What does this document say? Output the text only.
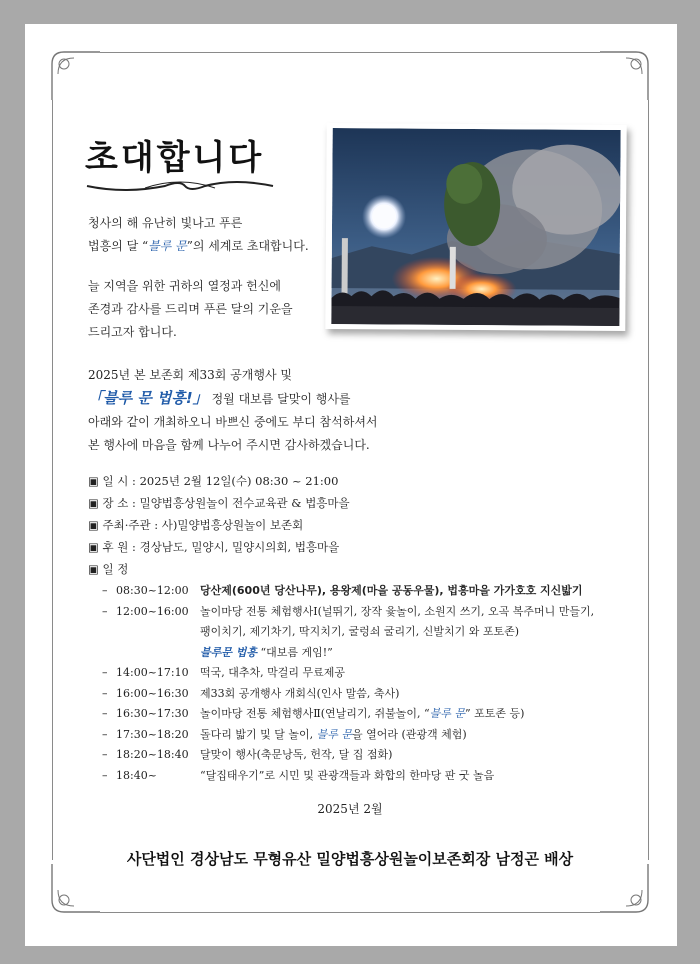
초대합니다
청사의 해 유난히 빛나고 푸른
법흥의 달 “블루 문”의 세계로 초대합니다.
늘 지역을 위한 귀하의 열정과 헌신에
존경과 감사를 드리며 푸른 달의 기운을
드리고자 합니다.
2025년 본 보존회 제33회 공개행사 및
「블루 문 법흥!」 정월 대보름 달맞이 행사를
아래와 같이 개최하오니 바쁘신 중에도 부디 참석하셔서
본 행사에 마음을 함께 나누어 주시면 감사하겠습니다.
▣ 일 시 : 2025년 2월 12일(수) 08:30 ~ 21:00
▣ 장 소 : 밀양법흥상원놀이 전수교육관 & 법흥마을
▣ 주최·주관 : 사)밀양법흥상원놀이 보존회
▣ 후 원 : 경상남도, 밀양시, 밀양시의회, 법흥마을
▣ 일 정
– 08:30~12:00 당산제(600년 당산나무), 용왕제(마을 공동우물), 법흥마을 가가호호 지신밟기
– 12:00~16:00 놀이마당 전통 체험행사Ⅰ(널뛰기, 장작 윷놀이, 소원지 쓰기, 오곡 복주머니 만들기,
팽이치기, 제기차기, 딱지치기, 굴렁쇠 굴리기, 신발치기 와 포토존)
블루문 법흥 “대보름 게임!”
– 14:00~17:10 떡국, 대추차, 막걸리 무료제공
– 16:00~16:30 제33회 공개행사 개회식(인사 말씀, 축사)
– 16:30~17:30 놀이마당 전통 체험행사Ⅱ(연날리기, 쥐불놀이, “블루 문” 포토존 등)
– 17:30~18:20 돌다리 밟기 및 달 놀이, 블루 문을 열어라 (관광객 체험)
– 18:20~18:40 달맞이 행사(축문낭독, 헌작, 달 집 점화)
– 18:40~	“달집태우기”로 시민 및 관광객들과 화합의 한마당 판 굿 놀음
2025년 2월
사단법인 경상남도 무형유산 밀양법흥상원놀이보존회장 남정곤 배상
